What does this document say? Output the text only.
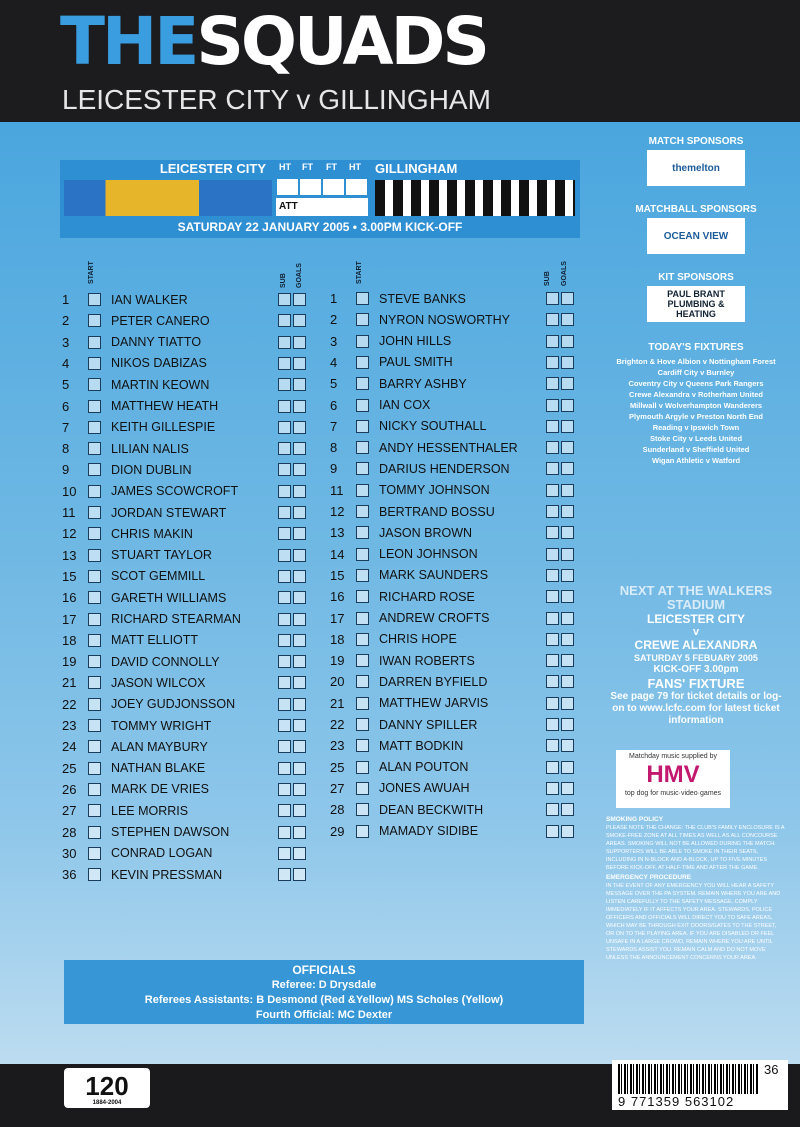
THESQUADS
LEICESTER CITY v GILLINGHAM
LEICESTER CITY	HT FT FT HT GILLINGHAM
ATT
SATURDAY 22 JANUARY 2005 • 3.00PM KICK-OFF
START	SUB GOALS	START	SUB GOALS
1	IAN WALKER
2	PETER CANERO
3	DANNY TIATTO
4	NIKOS DABIZAS
5	MARTIN KEOWN
6	MATTHEW HEATH
7	KEITH GILLESPIE
8	LILIAN NALIS
9	DION DUBLIN
10	JAMES SCOWCROFT
11	JORDAN STEWART
12	CHRIS MAKIN
13	STUART TAYLOR
15	SCOT GEMMILL
16	GARETH WILLIAMS
17	RICHARD STEARMAN
18	MATT ELLIOTT
19	DAVID CONNOLLY
21	JASON WILCOX
22	JOEY GUDJONSSON
23	TOMMY WRIGHT
24	ALAN MAYBURY
25	NATHAN BLAKE
26	MARK DE VRIES
27	LEE MORRIS
28	STEPHEN DAWSON
30	CONRAD LOGAN
36	KEVIN PRESSMAN
1	STEVE BANKS
2	NYRON NOSWORTHY
3	JOHN HILLS
4	PAUL SMITH
5	BARRY ASHBY
6	IAN COX
7	NICKY SOUTHALL
8	ANDY HESSENTHALER
9	DARIUS HENDERSON
11	TOMMY JOHNSON
12	BERTRAND BOSSU
13	JASON BROWN
14	LEON JOHNSON
15	MARK SAUNDERS
16	RICHARD ROSE
17	ANDREW CROFTS
18	CHRIS HOPE
19	IWAN ROBERTS
20	DARREN BYFIELD
21	MATTHEW JARVIS
22	DANNY SPILLER
23	MATT BODKIN
25	ALAN POUTON
27	JONES AWUAH
28	DEAN BECKWITH
29	MAMADY SIDIBE
OFFICIALS
Referee: D Drysdale
Referees Assistants: B Desmond (Red &Yellow) MS Scholes (Yellow)
Fourth Official: MC Dexter
MATCH SPONSORS
themelton
MATCHBALL SPONSORS
OCEAN VIEW
KIT SPONSORS
PAUL BRANT PLUMBING & HEATING
TODAY'S FIXTURES
Brighton & Hove Albion v Nottingham Forest
Cardiff City v Burnley
Coventry City v Queens Park Rangers
Crewe Alexandra v Rotherham United
Millwall v Wolverhampton Wanderers
Plymouth Argyle v Preston North End
Reading v Ipswich Town
Stoke City v Leeds United
Sunderland v Sheffield United
Wigan Athletic v Watford
NEXT AT THE WALKERS STADIUM
LEICESTER CITY
v
CREWE ALEXANDRA
SATURDAY 5 FEBUARY 2005
KICK-OFF 3.00pm
FANS' FIXTURE
See page 79 for ticket details or log-on to www.lcfc.com for latest ticket information
Matchday music supplied by
HMV
top dog for music·video·games
SMOKING POLICY
PLEASE NOTE THE CHANGE: THE CLUB'S FAMILY ENCLOSURE IS A SMOKE-FREE ZONE AT ALL TIMES AS WELL AS ALL CONCOURSE AREAS. SMOKING WILL NOT BE ALLOWED DURING THE MATCH. SUPPORTERS WILL BE ABLE TO SMOKE IN THEIR SEATS, INCLUDING IN N-BLOCK AND A-BLOCK, UP TO FIVE MINUTES BEFORE KICK-OFF, AT HALF-TIME AND AFTER THE GAME.
EMERGENCY PROCEDURE
IN THE EVENT OF ANY EMERGENCY YOU WILL HEAR A SAFETY MESSAGE OVER THE PA SYSTEM. REMAIN WHERE YOU ARE AND LISTEN CAREFULLY TO THE SAFETY MESSAGE. COMPLY IMMEDIATELY IF IT AFFECTS YOUR AREA. STEWARDS, POLICE OFFICERS AND OFFICIALS WILL DIRECT YOU TO SAFE AREAS, WHICH MAY BE THROUGH EXIT DOORS/GATES TO THE STREET, OR ON TO THE PLAYING AREA. IF YOU ARE DISABLED OR FEEL UNSAFE IN A LARGE CROWD, REMAIN WHERE YOU ARE UNTIL STEWARDS ASSIST YOU. REMAIN CALM AND DO NOT MOVE UNLESS THE ANNOUNCEMENT CONCERNS YOUR AREA.
120
1884-2004
36
9 771359 563102
